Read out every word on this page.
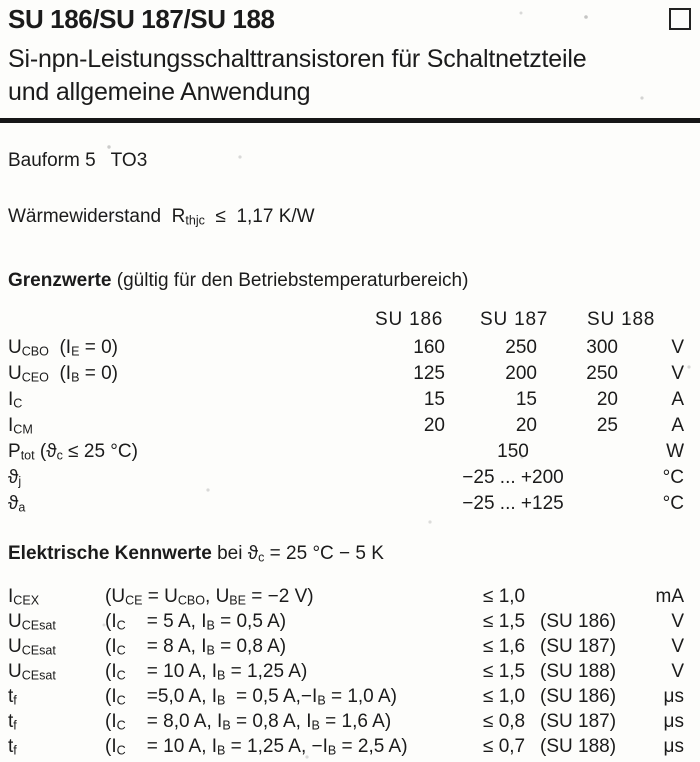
SU 186/SU 187/SU 188
Si-npn-Leistungsschalttransistoren für Schaltnetzteile
und allgemeine Anwendung
Bauform 5 TO3
Wärmewiderstand  $R_{thjc} \le 1,17$ K/W
Grenzwerte (gültig für den Betriebstemperaturbereich)
SU 186	SU 187	SU 188
$U_{CBO}$  $(I_E = 0)$	160	250	300	V
$U_{CEO}$  $(I_B = 0)$	125	200	250	V
$I_C$	15	15	20	A
$I_{CM}$	20	20	25	A
$P_{tot}$ ($ϑ_c \le 25$ °C)	150	W
$ϑ_j$	−25 ... +200	°C
$ϑ_a$	−25 ... +125	°C
Elektrische Kennwerte bei $ϑ_c = 25$ °C − 5 K
$I_{CEX}$	($U_{CE} = U_{CBO}$, $U_{BE} = -2$ V)	≤ 1,0	mA
$U_{CEsat}$	($I_C$    = 5 A, $I_B = 0,5$ A)	≤ 1,5 (SU 186)	V
$U_{CEsat}$	($I_C$    = 8 A, $I_B = 0,8$ A)	≤ 1,6 (SU 187)	V
$U_{CEsat}$	($I_C$    = 10 A, $I_B = 1,25$ A)	≤ 1,5 (SU 188)	V
$t_f$	($I_C$    =5,0 A, $I_B = 0,5$ $A,-I_B = 1,0$ A)	≤ 1,0 (SU 186)	μs
$t_f$	($I_C$    = 8,0 A, $I_B = 0,8$ A, $I_B = 1,6$ A)	≤ 0,8 (SU 187)	μs
$t_f$	($I_C$    = 10 A, $I_B = 1,25$ A, $-I_B = 2,5$ A)	≤ 0,7 (SU 188)	μs
